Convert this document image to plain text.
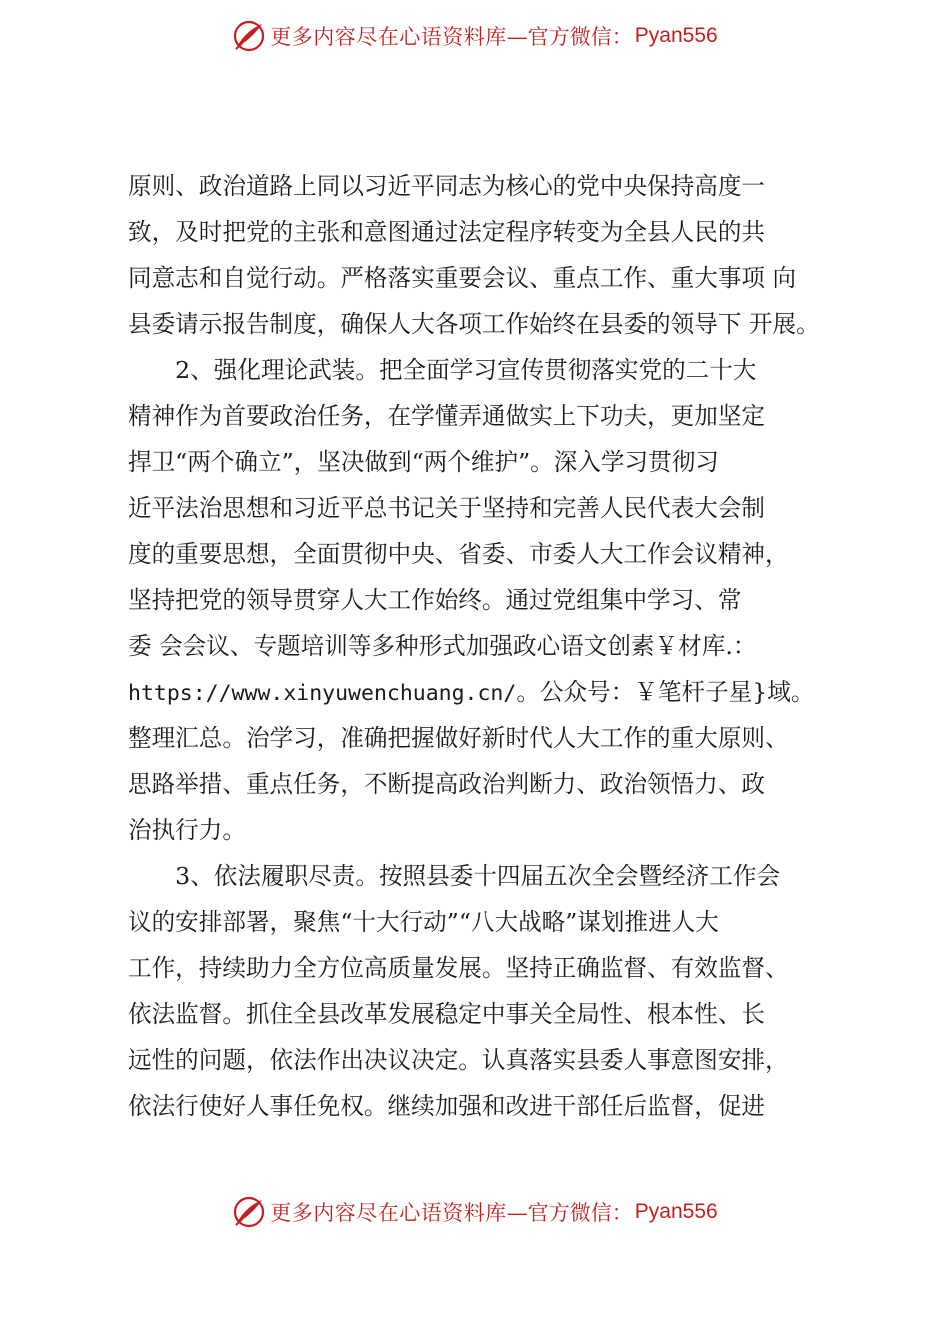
更多内容尽在心语资料库 —官方微信： Pyan556
原则、政治道路上同以习近平同志为核心的党中央保持高度一
致，及时把党的主张和意图通过法定程序转变为全县人民的共
同意志和自觉行动。严格落实重要会议、重点工作、重大事项 向
县委请示报告制度，确保人大各项工作始终在县委的领导下 开展。
　　2、强化理论武装。把全面学习宣传贯彻落实党的二十大
精神作为首要政治任务，在学懂弄通做实上下功夫，更加坚定
捍卫“两个确立”，坚决做到“两个维护”。深入学习贯彻习
近平法治思想和习近平总书记关于坚持和完善人民代表大会制
度的重要思想，全面贯彻中央、省委、市委人大工作会议精神，
坚持把党的领导贯穿人大工作始终。通过党组集中学习、常
委 会会议、专题培训等多种形式加强政心语文创素￥材库.：
https://www.xinyuwenchuang.cn/。公众号：￥笔杆子星}域。
整理汇总。治学习，准确把握做好新时代人大工作的重大原则、
思路举措、重点任务，不断提高政治判断力、政治领悟力、政
治执行力。
　　3、依法履职尽责。按照县委十四届五次全会暨经济工作会
议的安排部署，聚焦“十大行动”“八大战略”谋划推进人大
工作，持续助力全方位高质量发展。坚持正确监督、有效监督、
依法监督。抓住全县改革发展稳定中事关全局性、根本性、长
远性的问题，依法作出决议决定。认真落实县委人事意图安排，
依法行使好人事任免权。继续加强和改进干部任后监督，促进
更多内容尽在心语资料库 —官方微信： Pyan556
